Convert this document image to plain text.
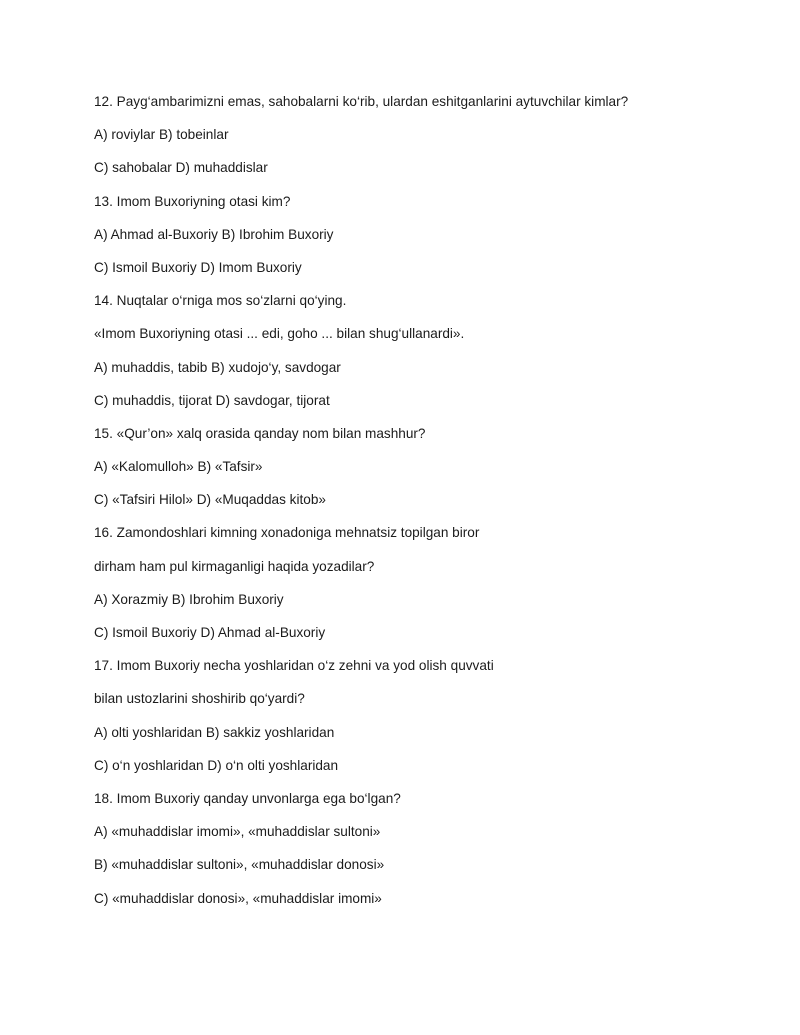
12. Payg‘ambarimizni emas, sahobalarni ko‘rib, ulardan eshitganlarini aytuvchilar kimlar?
A) roviylar B) tobeinlar
C) sahobalar D) muhaddislar
13. Imom Buxoriyning otasi kim?
A) Ahmad al-Buxoriy B) Ibrohim Buxoriy
C) Ismoil Buxoriy D) Imom Buxoriy
14. Nuqtalar o‘rniga mos so‘zlarni qo‘ying.
«Imom Buxoriyning otasi ... edi, goho ... bilan shug‘ullanardi».
A) muhaddis, tabib B) xudojo‘y, savdogar
C) muhaddis, tijorat D) savdogar, tijorat
15. «Qur’on» xalq orasida qanday nom bilan mashhur?
A) «Kalomulloh» B) «Tafsir»
C) «Tafsiri Hilol» D) «Muqaddas kitob»
16. Zamondoshlari kimning xonadoniga mehnatsiz topilgan biror
dirham ham pul kirmaganligi haqida yozadilar?
A) Xorazmiy B) Ibrohim Buxoriy
C) Ismoil Buxoriy D) Ahmad al-Buxoriy
17. Imom Buxoriy necha yoshlaridan o‘z zehni va yod olish quvvati
bilan ustozlarini shoshirib qo‘yardi?
A) olti yoshlaridan B) sakkiz yoshlaridan
C) o‘n yoshlaridan D) o‘n olti yoshlaridan
18. Imom Buxoriy qanday unvonlarga ega bo‘lgan?
A) «muhaddislar imomi», «muhaddislar sultoni»
B) «muhaddislar sultoni», «muhaddislar donosi»
C) «muhaddislar donosi», «muhaddislar imomi»
